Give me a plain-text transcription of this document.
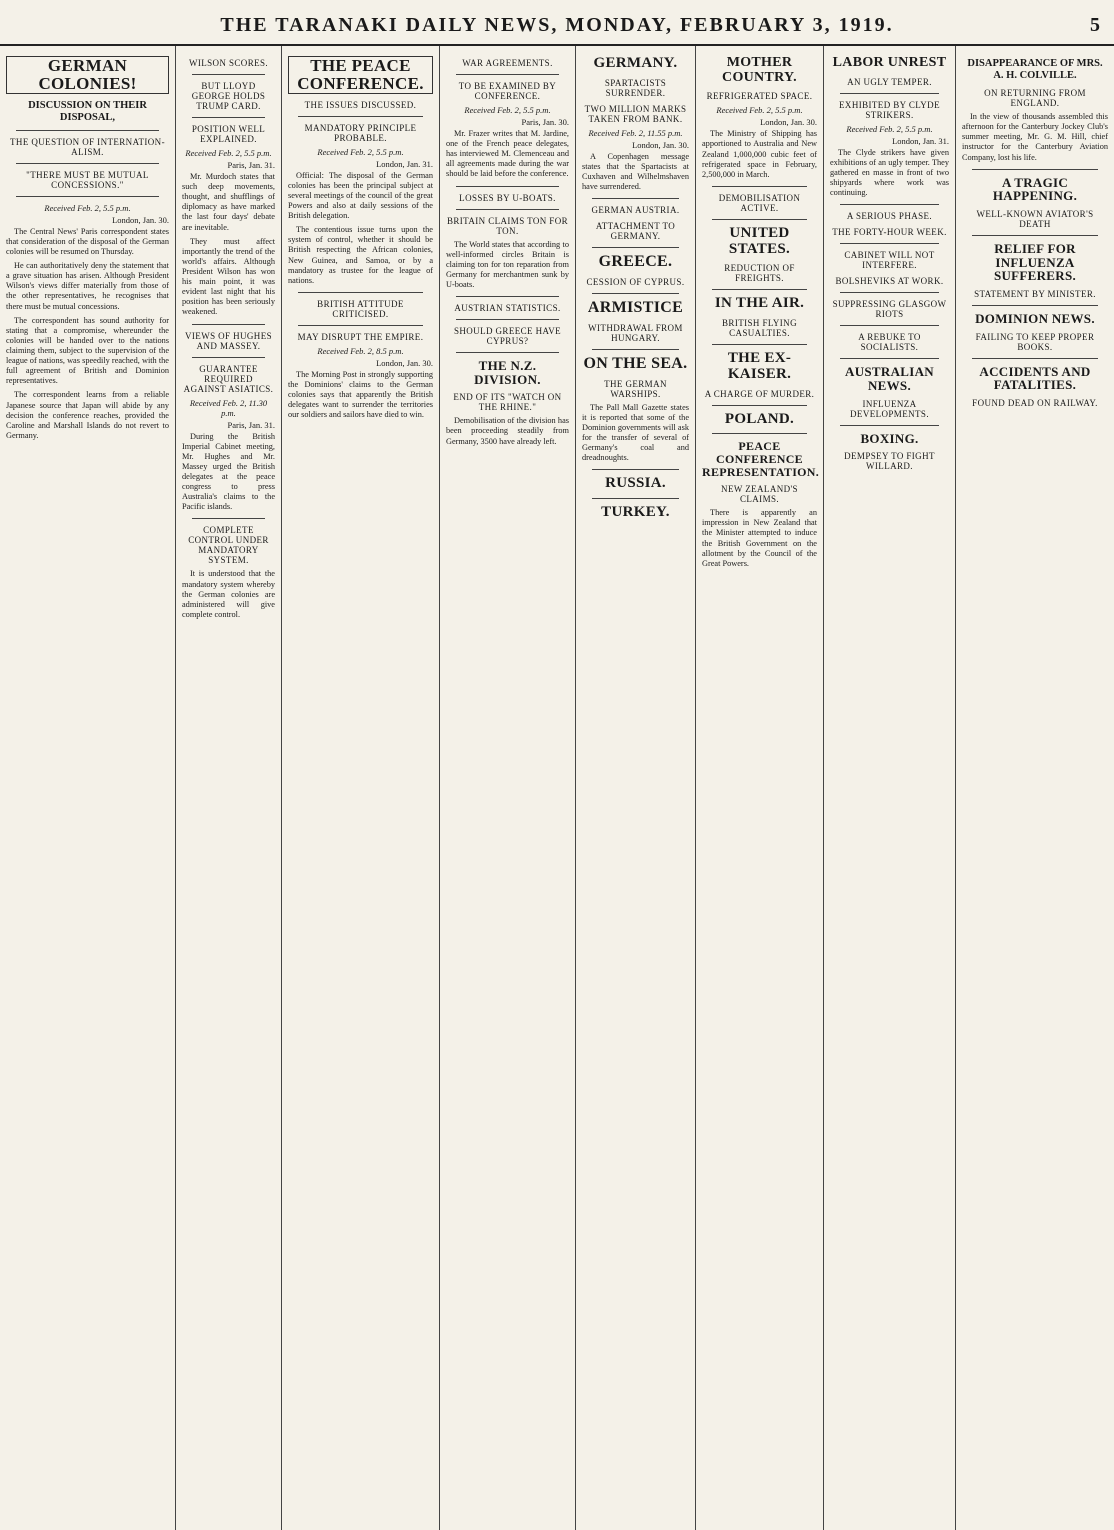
THE TARANAKI DAILY NEWS, MONDAY, FEBRUARY 3, 1919.	5
GERMAN COLONIES!
DISCUSSION ON THEIR DISPOSAL,
THE QUESTION OF INTERNATION-ALISM.
"THERE MUST BE MUTUAL CONCESSIONS."
Received Feb. 2, 5.5 p.m.
London, Jan. 30.

The Central News' Paris correspondent states that consideration of the disposal of the German colonies will be resumed on Thursday.

He can authoritatively deny the statement that a grave situation has arisen. Although President Wilson's views differ materially from those of the other representatives, he recognises that there must be mutual concessions.

The correspondent has sound authority for stating that a compromise, whereunder the colonies will be handed over to the nations claiming them, subject to the supervision of the league of nations, was speedily reached, with the full agreement of British and Dominion representatives.

The correspondent learns from a reliable Japanese source that Japan will abide by any decision the conference reaches, provided the Caroline and Marshall Islands do not revert to Germany.

WILSON SCORES.
BUT LLOYD GEORGE HOLDS TRUMP CARD.
POSITION WELL EXPLAINED.
Received Feb. 2, 5.5 p.m.
Paris, Jan. 31.

Mr. Murdoch states that such deep movements, thought, and shufflings of diplomacy as have marked the last four days' debate are inevitable.

They must affect importantly the trend of the world's affairs. Although President Wilson has won his main point, it was evident last night that his position has been seriously weakened.

VIEWS OF HUGHES AND MASSEY.
GUARANTEE REQUIRED AGAINST ASIATICS.
Received Feb. 2, 11.30 p.m.
Paris, Jan. 31.

During the British Imperial Cabinet meeting, Mr. Hughes and Mr. Massey urged the British delegates at the peace congress to press Australia's claims to the Pacific islands.

COMPLETE CONTROL UNDER MANDATORY SYSTEM.

It is understood that the mandatory system whereby the German colonies are administered will give complete control.

THE PEACE CONFERENCE.
THE ISSUES DISCUSSED.
MANDATORY PRINCIPLE PROBABLE.
Received Feb. 2, 5.5 p.m.
London, Jan. 31.

Official: The disposal of the German colonies has been the principal subject at several meetings of the council of the great Powers and also at daily sessions of the British delegation.

The contentious issue turns upon the system of control, whether it should be British respecting the African colonies, New Guinea, and Samoa, or by a mandatory as trustee for the league of nations.

BRITISH ATTITUDE CRITICISED.
MAY DISRUPT THE EMPIRE.
Received Feb. 2, 8.5 p.m.
London, Jan. 30.

The Morning Post in strongly supporting the Dominions' claims to the German colonies says that apparently the British delegates want to surrender the territories our soldiers and sailors have died to win.

WAR AGREEMENTS.
TO BE EXAMINED BY CONFERENCE.
Received Feb. 2, 5.5 p.m.
Paris, Jan. 30.

Mr. Frazer writes that M. Jardine, one of the French peace delegates, has interviewed M. Clemenceau and all agreements made during the war should be laid before the conference.

LOSSES BY U-BOATS.
BRITAIN CLAIMS TON FOR TON.

The World states that according to well-informed circles Britain is claiming ton for ton reparation from Germany for merchantmen sunk by U-boats.

AUSTRIAN STATISTICS.
SHOULD GREECE HAVE CYPRUS?
THE N.Z. DIVISION.
END OF ITS "WATCH ON THE RHINE."

Demobilisation of the division has been proceeding steadily from Germany, 3500 have already left.

GERMANY.
SPARTACISTS SURRENDER.
TWO MILLION MARKS TAKEN FROM BANK.
Received Feb. 2, 11.55 p.m.
London, Jan. 30.

A Copenhagen message states that the Spartacists at Cuxhaven and Wilhelmshaven have surrendered.

GERMAN AUSTRIA.
ATTACHMENT TO GERMANY.
GREECE.
CESSION OF CYPRUS.
ARMISTICE
WITHDRAWAL FROM HUNGARY.
ON THE SEA.
THE GERMAN WARSHIPS.

The Pall Mall Gazette states it is reported that some of the Dominion governments will ask for the transfer of several of Germany's coal and dreadnoughts.

RUSSIA.
TURKEY.
MOTHER COUNTRY.
REFRIGERATED SPACE.
Received Feb. 2, 5.5 p.m.
London, Jan. 30.

The Ministry of Shipping has apportioned to Australia and New Zealand 1,000,000 cubic feet of refrigerated space in February, 2,500,000 in March.

DEMOBILISATION ACTIVE.
UNITED STATES.
REDUCTION OF FREIGHTS.
IN THE AIR.
BRITISH FLYING CASUALTIES.
THE EX-KAISER.
A CHARGE OF MURDER.
POLAND.
PEACE CONFERENCE REPRESENTATION.
NEW ZEALAND'S CLAIMS.

There is apparently an impression in New Zealand that the Minister attempted to induce the British Government on the allotment by the Council of the Great Powers.

LABOR UNREST
AN UGLY TEMPER.
EXHIBITED BY CLYDE STRIKERS.
Received Feb. 2, 5.5 p.m.
London, Jan. 31.

The Clyde strikers have given exhibitions of an ugly temper. They gathered en masse in front of two shipyards where work was continuing.

A SERIOUS PHASE.
THE FORTY-HOUR WEEK.
CABINET WILL NOT INTERFERE.
BOLSHEVIKS AT WORK.
SUPPRESSING GLASGOW RIOTS
A REBUKE TO SOCIALISTS.
AUSTRALIAN NEWS.
INFLUENZA DEVELOPMENTS.
BOXING.
DEMPSEY TO FIGHT WILLARD.
DISAPPEARANCE OF MRS. A. H. COLVILLE.
ON RETURNING FROM ENGLAND.

In the view of thousands assembled this afternoon for the Canterbury Jockey Club's summer meeting, Mr. G. M. Hill, chief instructor for the Canterbury Aviation Company, lost his life.

A TRAGIC HAPPENING.
WELL-KNOWN AVIATOR'S DEATH
RELIEF FOR INFLUENZA SUFFERERS.
STATEMENT BY MINISTER.
DOMINION NEWS.
FAILING TO KEEP PROPER BOOKS.
ACCIDENTS AND FATALITIES.
FOUND DEAD ON RAILWAY.
